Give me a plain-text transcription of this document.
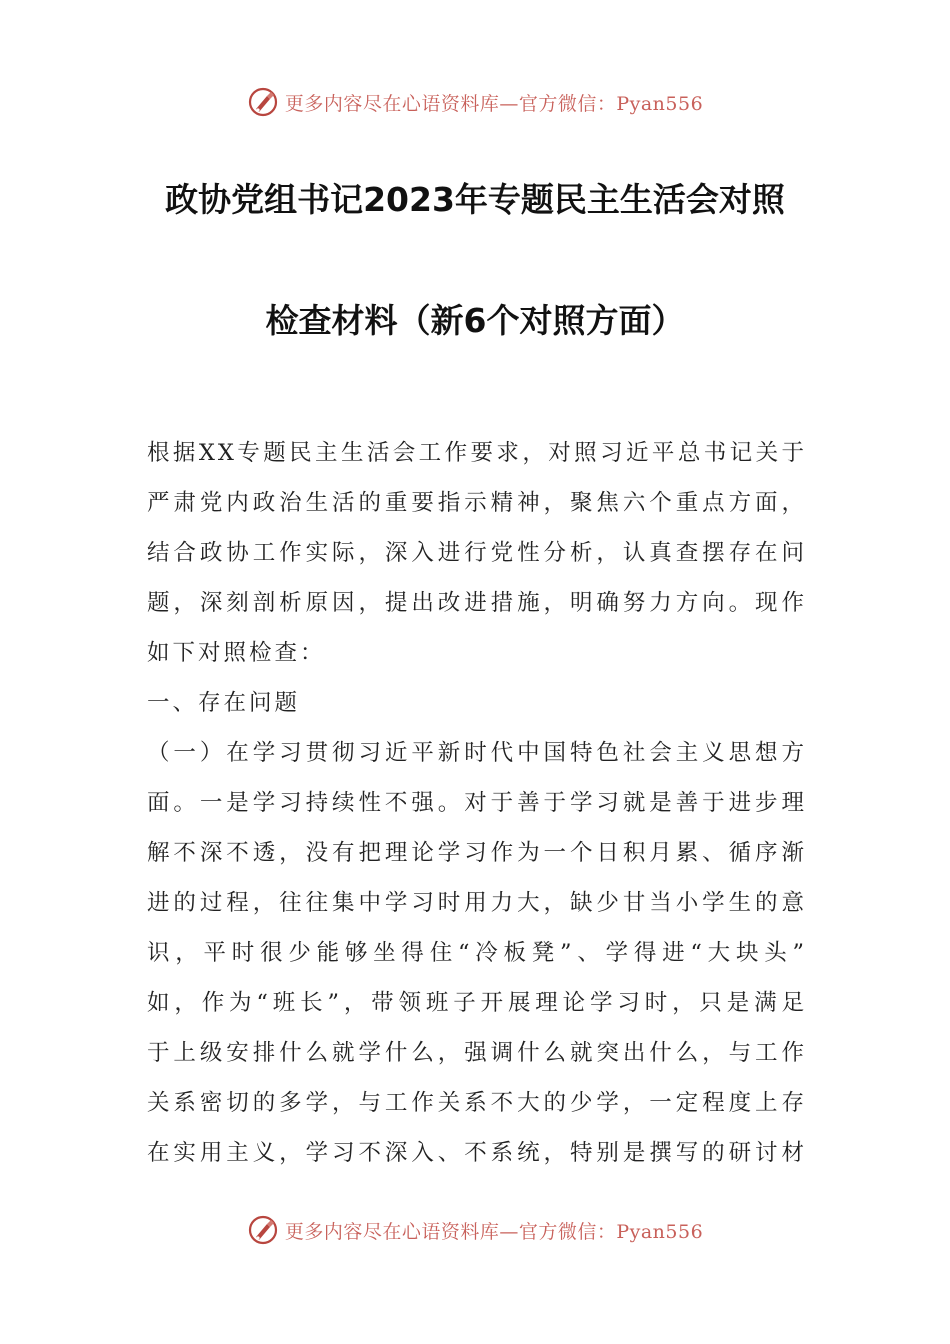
更多内容尽在心语资料库—官方微信：Pyan556
政协党组书记2023年专题民主生活会对照
检查材料（新6个对照方面）
根据XX专题民主生活会工作要求，对照习近平总书记关于
严肃党内政治生活的重要指示精神，聚焦六个重点方面，
结合政协工作实际，深入进行党性分析，认真查摆存在问
题，深刻剖析原因，提出改进措施，明确努力方向。现作
如下对照检查：
一、存在问题
（一）在学习贯彻习近平新时代中国特色社会主义思想方
面。一是学习持续性不强。对于善于学习就是善于进步理
解不深不透，没有把理论学习作为一个日积月累、循序渐
进的过程，往往集中学习时用力大，缺少甘当小学生的意
识，平时很少能够坐得住“冷板凳”、学得进“大块头”
如，作为“班长”，带领班子开展理论学习时，只是满足
于上级安排什么就学什么，强调什么就突出什么，与工作
关系密切的多学，与工作关系不大的少学，一定程度上存
在实用主义，学习不深入、不系统，特别是撰写的研讨材
更多内容尽在心语资料库—官方微信：Pyan556
